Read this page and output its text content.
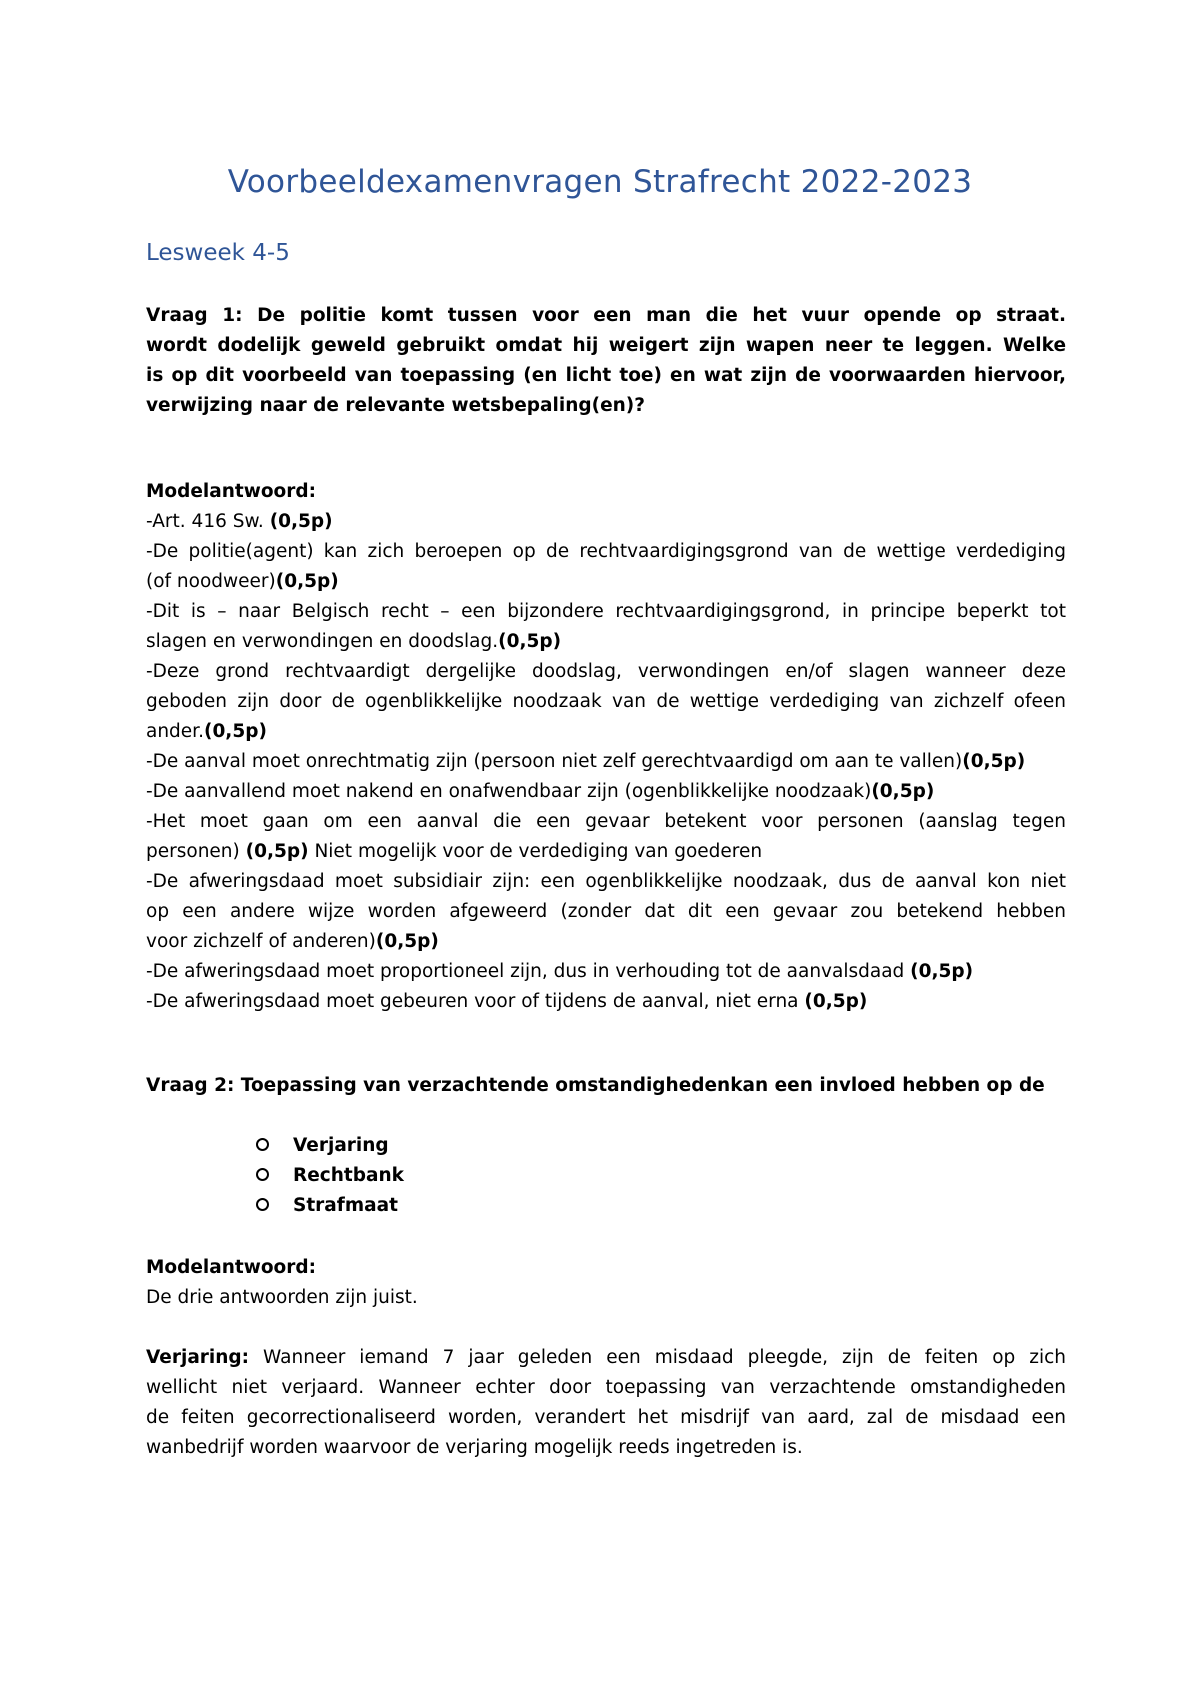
Voorbeeldexamenvragen Strafrecht 2022-2023
Lesweek 4-5
Vraag 1: De politie komt tussen voor een man die het vuur opende op straat.
wordt dodelijk geweld gebruikt omdat hij weigert zijn wapen neer te leggen. Welke
is op dit voorbeeld van toepassing (en licht toe) en wat zijn de voorwaarden hiervoor,
verwijzing naar de relevante wetsbepaling(en)?
Modelantwoord:
-Art. 416 Sw. (0,5p)
-De politie(agent) kan zich beroepen op de rechtvaardigingsgrond van de wettige verdediging
(of noodweer)(0,5p)
-Dit is – naar Belgisch recht – een bijzondere rechtvaardigingsgrond, in principe beperkt tot
slagen en verwondingen en doodslag.(0,5p)
-Deze grond rechtvaardigt dergelijke doodslag, verwondingen en/of slagen wanneer deze
geboden zijn door de ogenblikkelijke noodzaak van de wettige verdediging van zichzelf ofeen
ander.(0,5p)
-De aanval moet onrechtmatig zijn (persoon niet zelf gerechtvaardigd om aan te vallen)(0,5p)
-De aanvallend moet nakend en onafwendbaar zijn (ogenblikkelijke noodzaak)(0,5p)
-Het moet gaan om een aanval die een gevaar betekent voor personen (aanslag tegen
personen) (0,5p) Niet mogelijk voor de verdediging van goederen
-De afweringsdaad moet subsidiair zijn: een ogenblikkelijke noodzaak, dus de aanval kon niet
op een andere wijze worden afgeweerd (zonder dat dit een gevaar zou betekend hebben
voor zichzelf of anderen)(0,5p)
-De afweringsdaad moet proportioneel zijn, dus in verhouding tot de aanvalsdaad (0,5p)
-De afweringsdaad moet gebeuren voor of tijdens de aanval, niet erna (0,5p)
Vraag 2: Toepassing van verzachtende omstandighedenkan een invloed hebben op de
Verjaring
Rechtbank
Strafmaat
Modelantwoord:
De drie antwoorden zijn juist.
Verjaring: Wanneer iemand 7 jaar geleden een misdaad pleegde, zijn de feiten op zich
wellicht niet verjaard. Wanneer echter door toepassing van verzachtende omstandigheden
de feiten gecorrectionaliseerd worden, verandert het misdrijf van aard, zal de misdaad een
wanbedrijf worden waarvoor de verjaring mogelijk reeds ingetreden is.
